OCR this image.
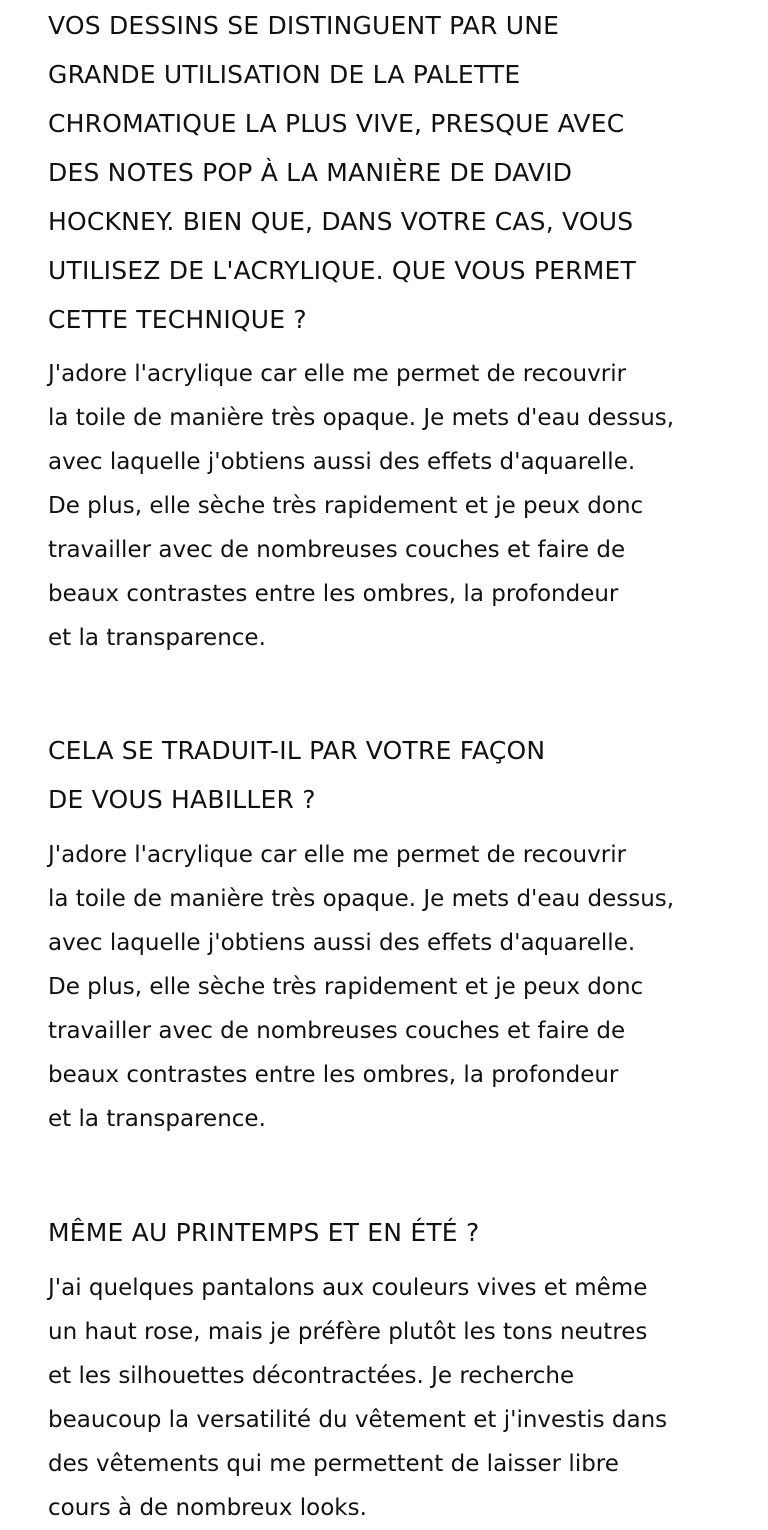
VOS DESSINS SE DISTINGUENT PAR UNE
GRANDE UTILISATION DE LA PALETTE
CHROMATIQUE LA PLUS VIVE, PRESQUE AVEC
DES NOTES POP À LA MANIÈRE DE DAVID
HOCKNEY. BIEN QUE, DANS VOTRE CAS, VOUS
UTILISEZ DE L'ACRYLIQUE. QUE VOUS PERMET
CETTE TECHNIQUE ?

J'adore l'acrylique car elle me permet de recouvrir
la toile de manière très opaque. Je mets d'eau dessus,
avec laquelle j'obtiens aussi des effets d'aquarelle.
De plus, elle sèche très rapidement et je peux donc
travailler avec de nombreuses couches et faire de
beaux contrastes entre les ombres, la profondeur
et la transparence.

CELA SE TRADUIT-IL PAR VOTRE FAÇON
DE VOUS HABILLER ?

J'adore l'acrylique car elle me permet de recouvrir
la toile de manière très opaque. Je mets d'eau dessus,
avec laquelle j'obtiens aussi des effets d'aquarelle.
De plus, elle sèche très rapidement et je peux donc
travailler avec de nombreuses couches et faire de
beaux contrastes entre les ombres, la profondeur
et la transparence.

MÊME AU PRINTEMPS ET EN ÉTÉ ?

J'ai quelques pantalons aux couleurs vives et même
un haut rose, mais je préfère plutôt les tons neutres
et les silhouettes décontractées. Je recherche
beaucoup la versatilité du vêtement et j'investis dans
des vêtements qui me permettent de laisser libre
cours à de nombreux looks.
